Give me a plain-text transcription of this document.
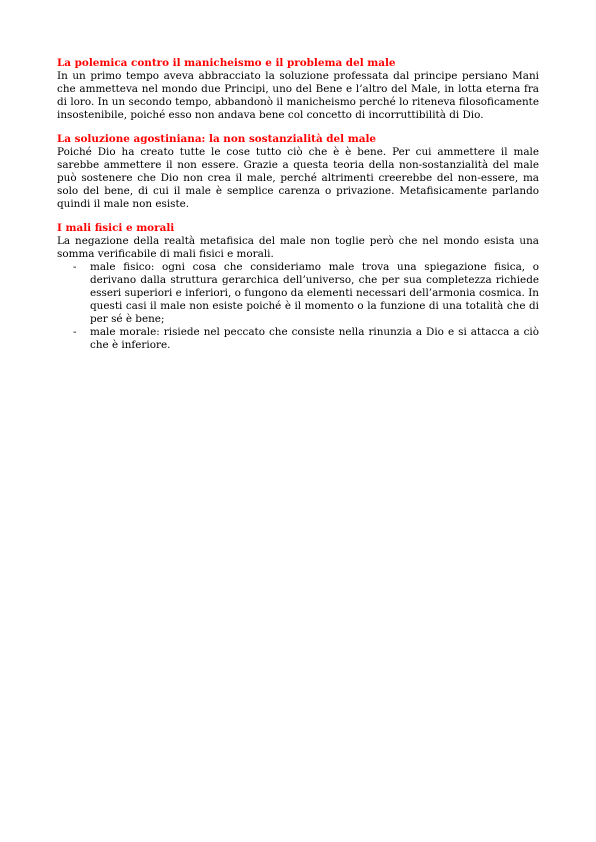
La polemica contro il manicheismo e il problema del male

In un primo tempo aveva abbracciato la soluzione professata dal principe persiano Mani che ammetteva nel mondo due Principi, uno del Bene e l’altro del Male, in lotta eterna fra di loro. In un secondo tempo, abbandonò il manicheismo perché lo riteneva filosoficamente insostenibile, poiché esso non andava bene col concetto di incorruttibilità di Dio.

La soluzione agostiniana: la non sostanzialità del male

Poiché Dio ha creato tutte le cose tutto ciò che è è bene. Per cui ammettere il male sarebbe ammettere il non essere. Grazie a questa teoria della non-sostanzialità del male può sostenere che Dio non crea il male, perché altrimenti creerebbe del non-essere, ma solo del bene, di cui il male è semplice carenza o privazione. Metafisicamente parlando quindi il male non esiste.

I mali fisici e morali

La negazione della realtà metafisica del male non toglie però che nel mondo esista una somma verificabile di mali fisici e morali.

- male fisico: ogni cosa che consideriamo male trova una spiegazione fisica, o derivano dalla struttura gerarchica dell’universo, che per sua completezza richiede esseri superiori e inferiori, o fungono da elementi necessari dell’armonia cosmica. In questi casi il male non esiste poiché è il momento o la funzione di una totalità che di per sé è bene;
- male morale: risiede nel peccato che consiste nella rinunzia a Dio e si attacca a ciò che è inferiore.
